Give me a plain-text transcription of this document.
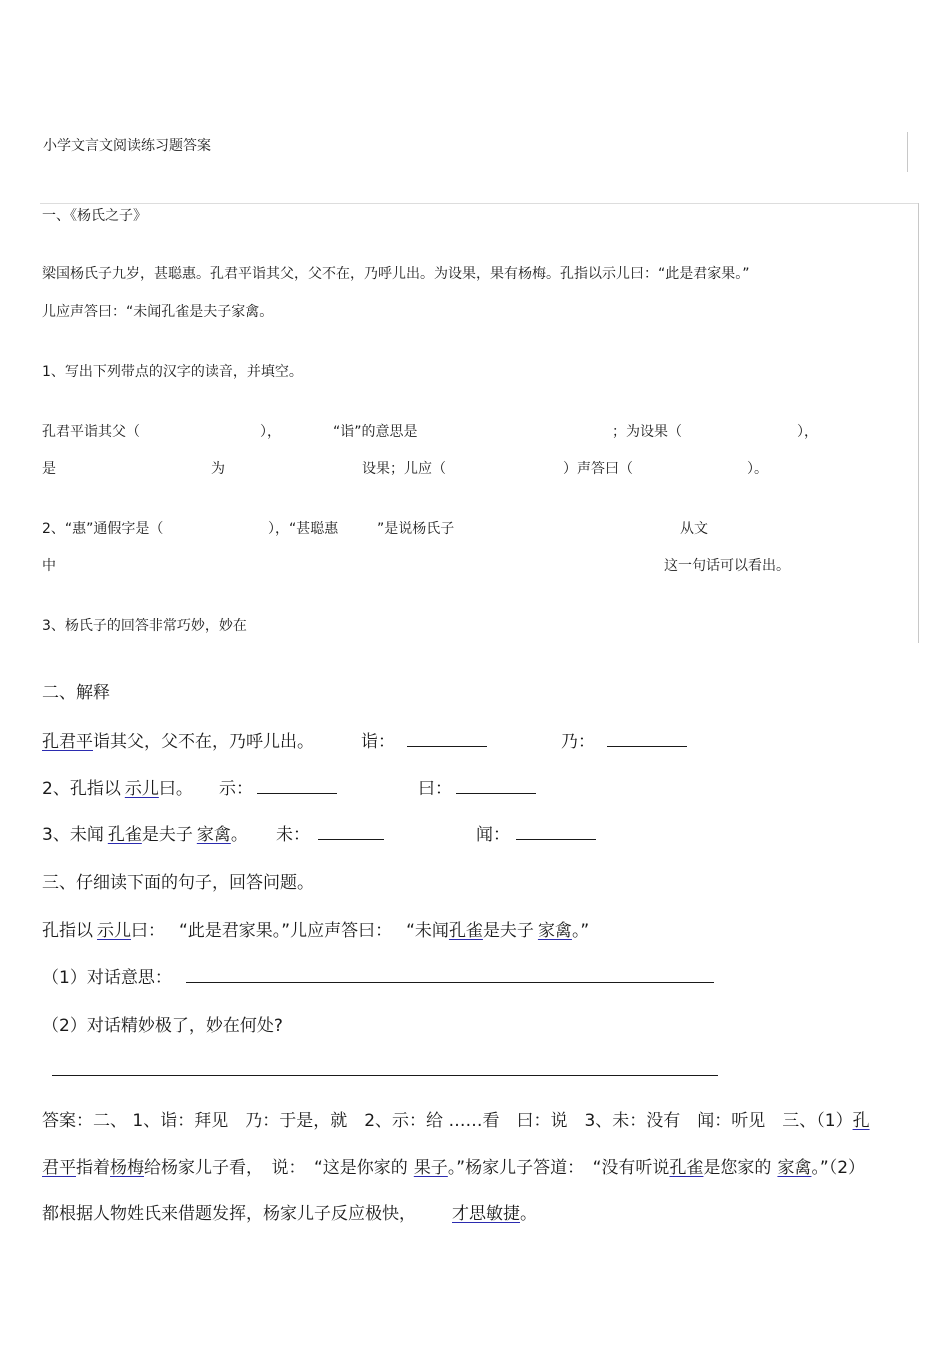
小学文言文阅读练习题答案
一、《杨氏之子》
梁国杨氏子九岁，甚聪惠。孔君平诣其父，父不在，乃呼儿出。为设果，果有杨梅。孔指以示儿曰：“此是君家果。”
儿应声答曰：“未闻孔雀是夫子家禽。
1、写出下列带点的汉字的读音，并填空。
孔君平诣其父（	），	“诣”的意思是	；为设果（	），
是	为	设果；儿应（	）声答曰（	）。
2、“惠”通假字是（	），“甚聪惠	”是说杨氏子	从文
中	这一句话可以看出。
3、杨氏子的回答非常巧妙，妙在
二、解释
孔君平诣其父，父不在，乃呼儿出。	诣：	乃：
2、孔指以 示儿曰。 示：	曰：
3、未闻 孔雀是夫子 家禽。 未：	闻：
三、仔细读下面的句子，回答问题。
孔指以 示儿曰： “此是君家果。”儿应声答曰： “未闻孔雀是夫子 家禽。”
（1）对话意思：
（2）对话精妙极了，妙在何处?
答案：二、 1、诣：拜见　乃：于是，就　2、示：给 ……看　曰：说　3、未：没有　闻：听见　三、（1）孔
君平指着杨梅给杨家儿子看，　说：　“这是你家的 果子。”杨家儿子答道：　“没有听说孔雀是您家的 家禽。”（2）
都根据人物姓氏来借题发挥，杨家儿子反应极快， 才思敏捷。
